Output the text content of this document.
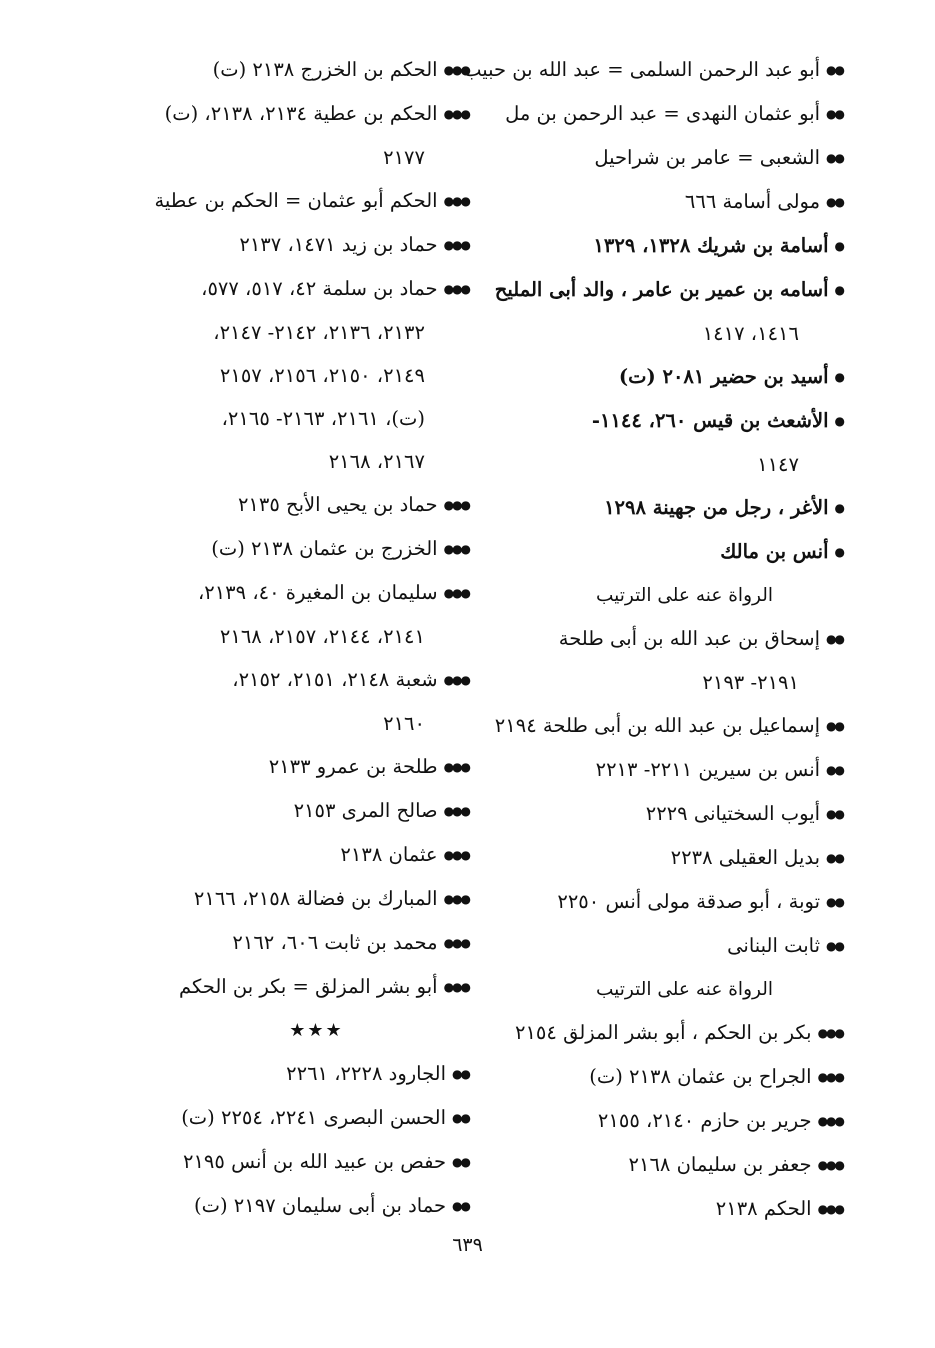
●●أبو عبد الرحمن السلمى = عبد الله بن حبيب
●●أبو عثمان النهدى = عبد الرحمن بن مل
●●الشعبى = عامر بن شراحيل
●●مولى أسامة ٦٦٦
●أسامة بن شريك ١٣٢٨، ١٣٢٩
●أسامه بن عمير بن عامر ، والد أبى المليح
١٤١٦، ١٤١٧
●أسيد بن حضير ٢٠٨١ (ت)
●الأشعث بن قيس ٢٦٠، ١١٤٤-
١١٤٧
●الأغر ، رجل من جهينة ١٢٩٨
●أنس بن مالك
الرواة عنه على الترتيب
●●إسحاق بن عبد الله بن أبى طلحة
٢١٩١- ٢١٩٣
●●إسماعيل بن عبد الله بن أبى طلحة ٢١٩٤
●●أنس بن سيرين ٢٢١١- ٢٢١٣
●●أيوب السختيانى ٢٢٢٩
●●بديل العقيلى ٢٢٣٨
●●توبة ، أبو صدقة مولى أنس ٢٢٥٠
●●ثابت البنانى
الرواة عنه على الترتيب
●●●بكر بن الحكم ، أبو بشر المزلق ٢١٥٤
●●●الجراح بن عثمان ٢١٣٨ (ت)
●●●جرير بن حازم ٢١٤٠، ٢١٥٥
●●●جعفر بن سليمان ٢١٦٨
●●●الحكم ٢١٣٨
●●●الحكم بن الخزرج ٢١٣٨ (ت)
●●●الحكم بن عطية ٢١٣٤، ٢١٣٨، (ت)
٢١٧٧
●●●الحكم أبو عثمان = الحكم بن عطية
●●●حماد بن زيد ١٤٧١، ٢١٣٧
●●●حماد بن سلمة ٤٢، ٥١٧، ٥٧٧،
٢١٣٢، ٢١٣٦، ٢١٤٢- ٢١٤٧،
٢١٤٩، ٢١٥٠، ٢١٥٦، ٢١٥٧
(ت)، ٢١٦١، ٢١٦٣- ٢١٦٥،
٢١٦٧، ٢١٦٨
●●●حماد بن يحيى الأبح ٢١٣٥
●●●الخزرج بن عثمان ٢١٣٨ (ت)
●●●سليمان بن المغيرة ٤٠، ٢١٣٩،
٢١٤١، ٢١٤٤، ٢١٥٧، ٢١٦٨
●●●شعبة ٢١٤٨، ٢١٥١، ٢١٥٢،
٢١٦٠
●●●طلحة بن عمرو ٢١٣٣
●●●صالح المرى ٢١٥٣
●●●عثمان ٢١٣٨
●●●المبارك بن فضالة ٢١٥٨، ٢١٦٦
●●●محمد بن ثابت ٦٠٦، ٢١٦٢
●●●أبو بشر المزلق = بكر بن الحكم
★★★
●●الجارود ٢٢٢٨، ٢٢٦١
●●الحسن البصرى ٢٢٤١، ٢٢٥٤ (ت)
●●حفص بن عبيد الله بن أنس ٢١٩٥
●●حماد بن أبى سليمان ٢١٩٧ (ت)
٦٣٩
